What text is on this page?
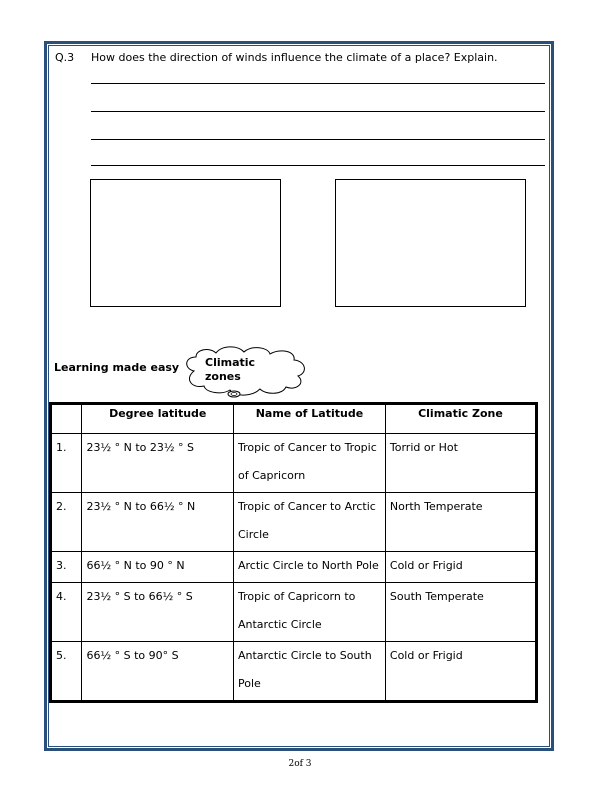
Q.3 How does the direction of winds influence the climate of a place? Explain.
Learning made easy Climatic
zones
	Degree latitude	Name of Latitude	Climatic Zone
1.	23½ ° N to 23½ ° S	Tropic of Cancer to Tropic of Capricorn	Torrid or Hot
2.	23½ ° N to 66½ ° N	Tropic of Cancer to Arctic Circle	North Temperate
3.	66½ ° N to 90 ° N	Arctic Circle to North Pole	Cold or Frigid
4.	23½ ° S to 66½ ° S	Tropic of Capricorn to Antarctic Circle	South Temperate
5.	66½ ° S to 90° S	Antarctic Circle to South Pole	Cold or Frigid
2of 3
